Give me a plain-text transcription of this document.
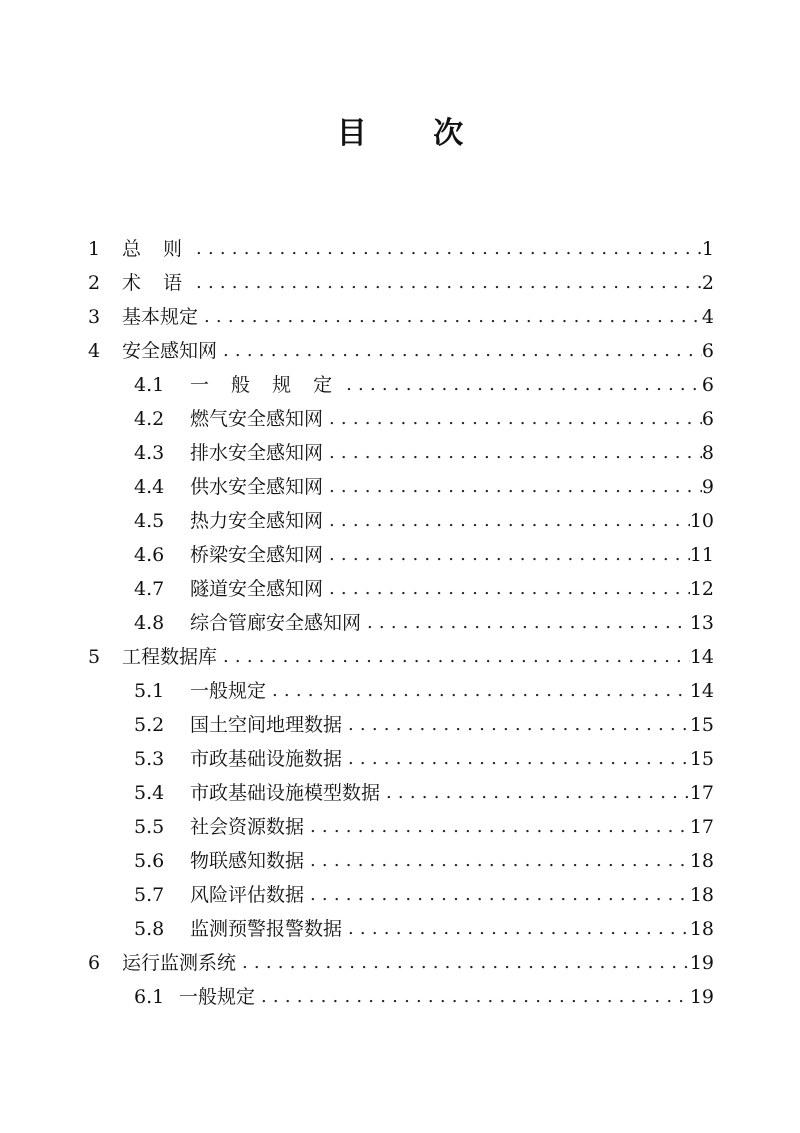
目 次
1	总 则 .....	1
2	术 语 .....	2
3	基本规定 .....	4
4	安全感知网 .....	6
4.1	一 般 规 定 .....	6
4.2	燃气安全感知网 .....	6
4.3	排水安全感知网 .....	8
4.4	供水安全感知网 .....	9
4.5	热力安全感知网 .....	10
4.6	桥梁安全感知网 .....	11
4.7	隧道安全感知网 .....	12
4.8	综合管廊安全感知网 .....	13
5	工程数据库 .....	14
5.1	一般规定 .....	14
5.2	国土空间地理数据 .....	15
5.3	市政基础设施数据 .....	15
5.4	市政基础设施模型数据 .....	17
5.5	社会资源数据 .....	17
5.6	物联感知数据 .....	18
5.7	风险评估数据 .....	18
5.8	监测预警报警数据 .....	18
6	运行监测系统 .....	19
6.1 一般规定 .....	19
